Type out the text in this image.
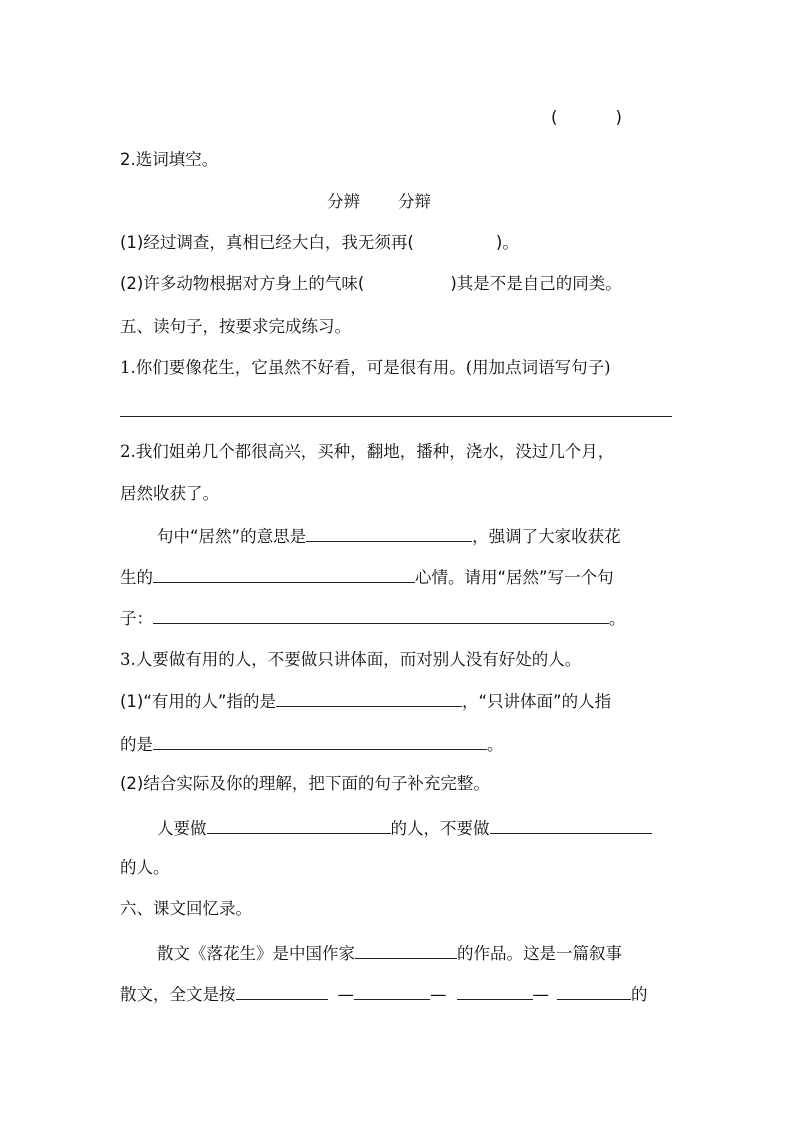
(	)
2.选词填空。
分辨 分辩
(1)经过调查，真相已经大白，我无须再(	)。
(2)许多动物根据对方身上的气味(	)其是不是自己的同类。
五、读句子，按要求完成练习。
1.你们要像花生，它虽然不好看，可是很有用。(用加点词语写句子)
2.我们姐弟几个都很高兴，买种，翻地，播种，浇水，没过几个月，
居然收获了。
句中“居然”的意思是	，强调了大家收获花
生的	心情。请用“居然”写一个句
子：	。
3.人要做有用的人，不要做只讲体面，而对别人没有好处的人。
(1)“有用的人”指的是	，“只讲体面”的人指
的是	。
(2)结合实际及你的理解，把下面的句子补充完整。
人要做	的人，不要做
的人。
六、课文回忆录。
散文《落花生》是中国作家	的作品。这是一篇叙事
散文，全文是按	—	—	—	的
